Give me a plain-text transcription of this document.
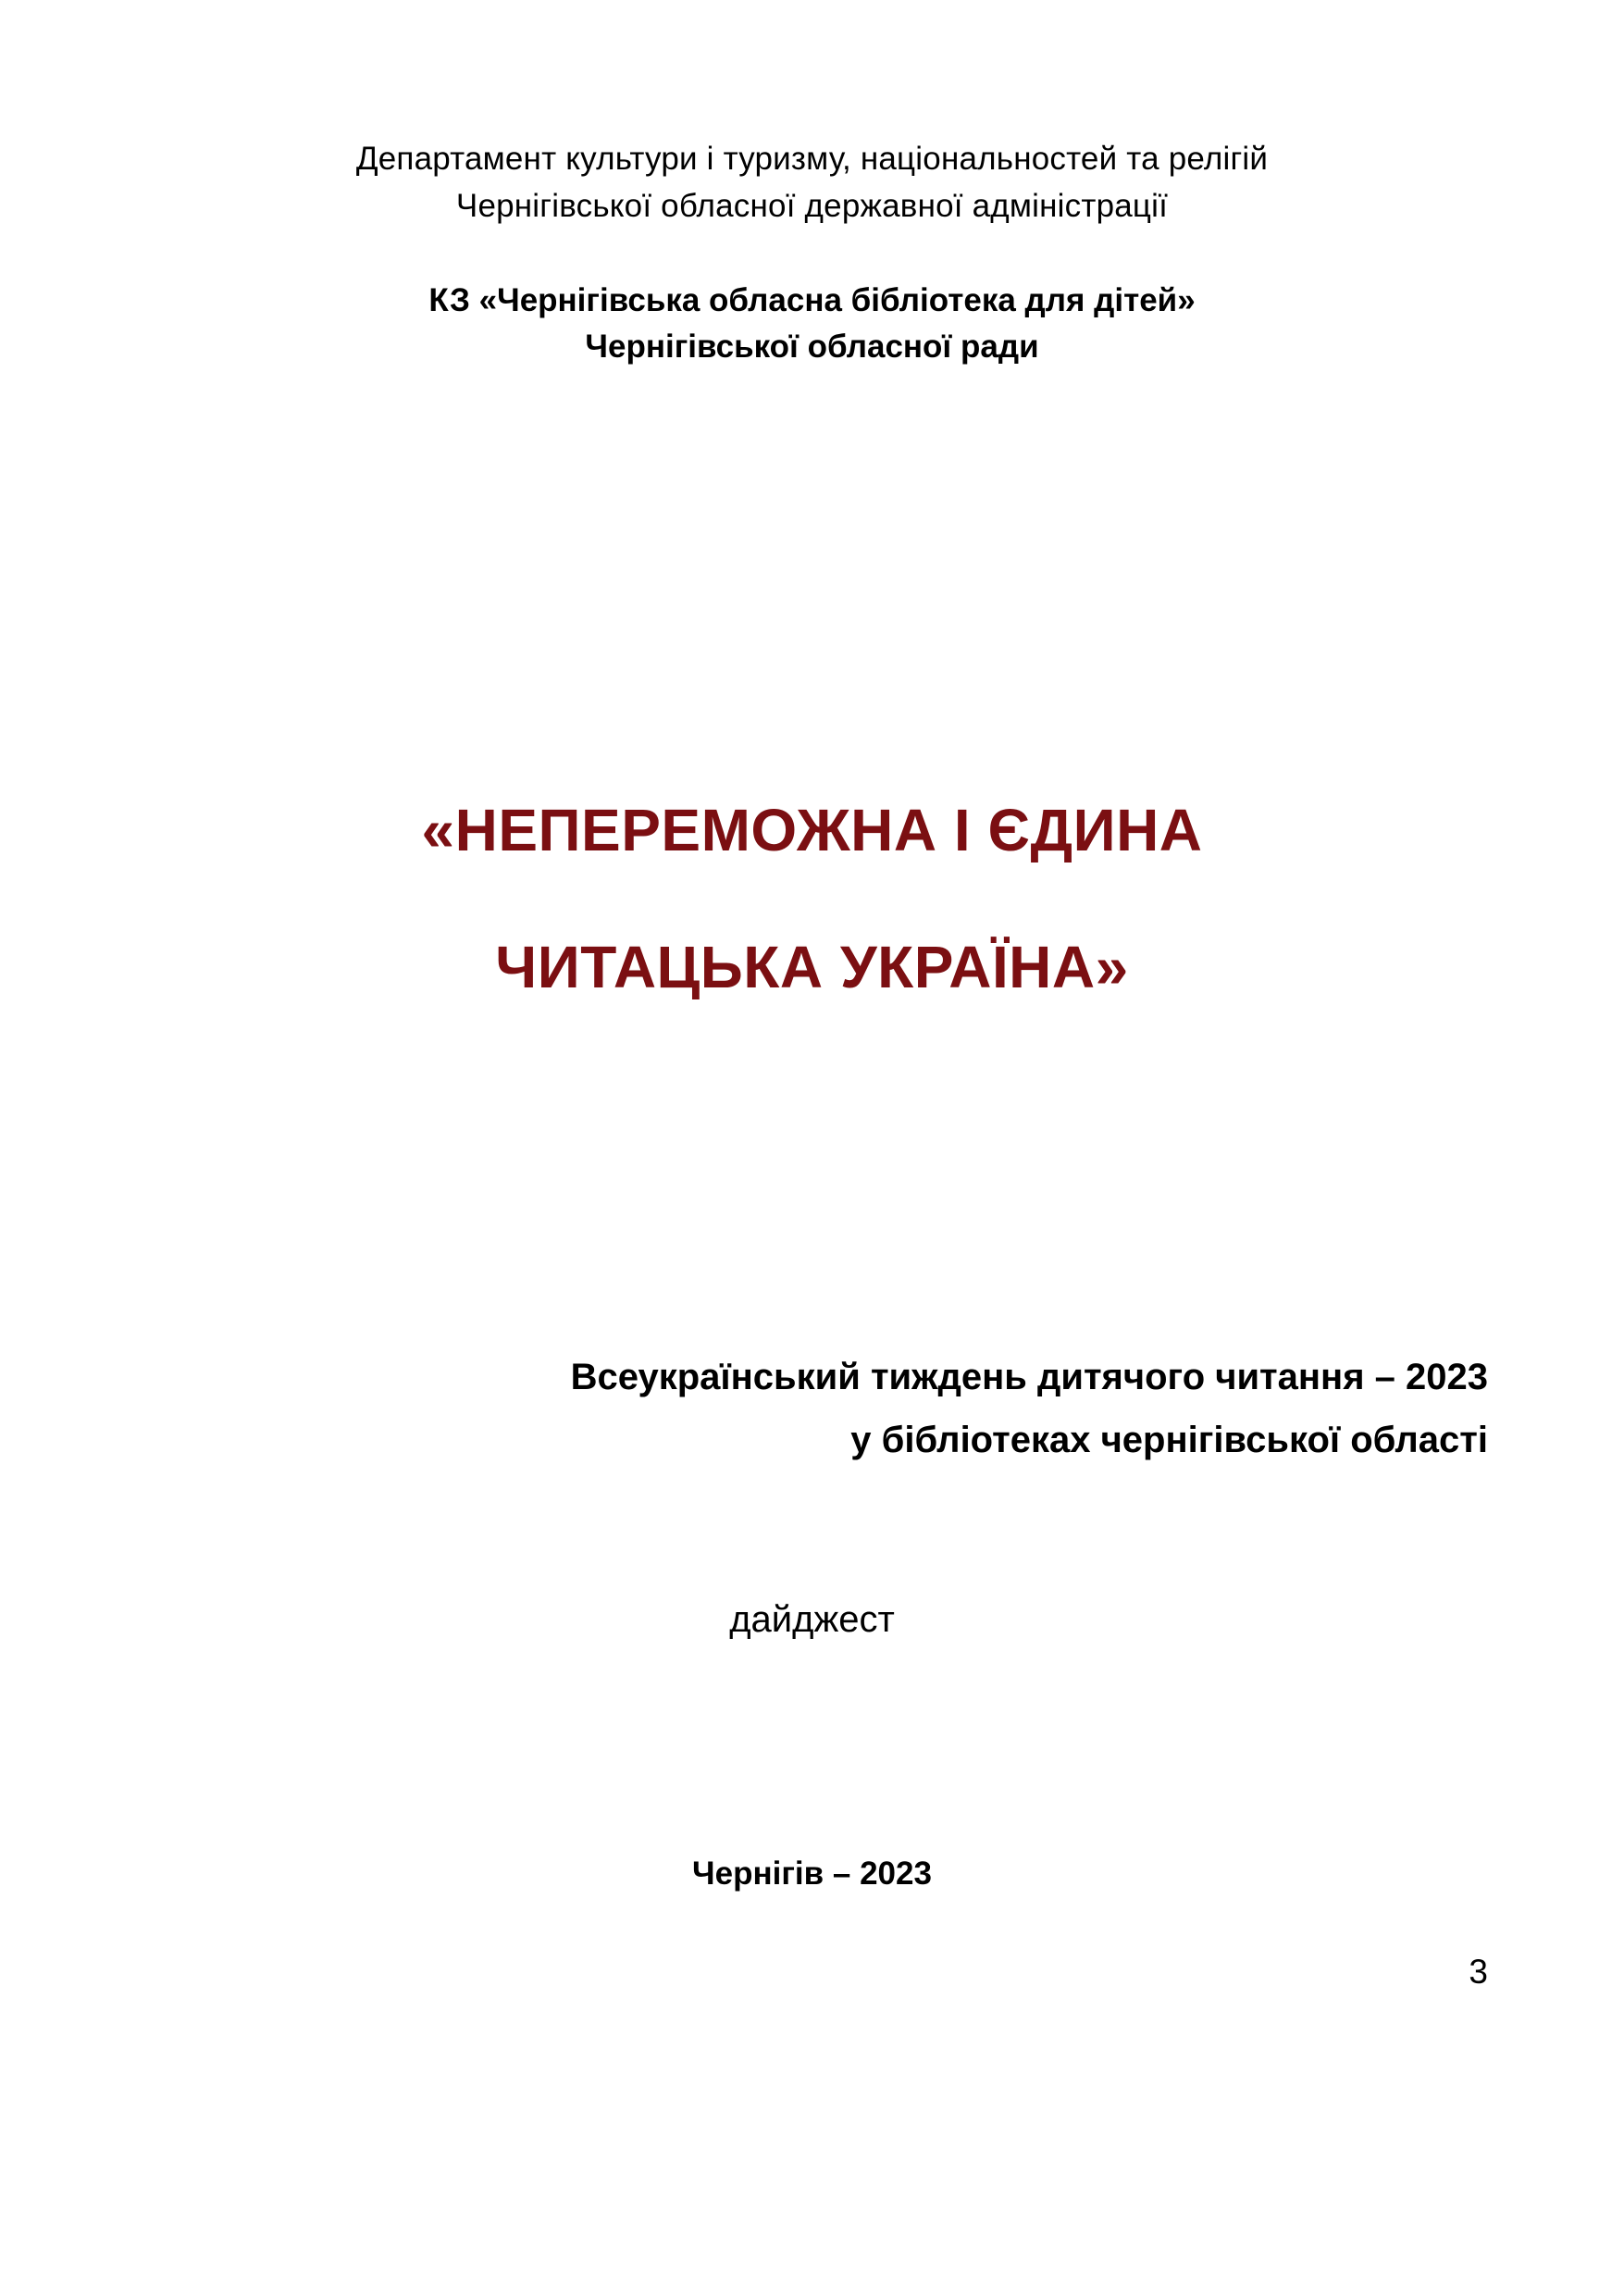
Департамент культури і туризму, національностей та релігій
Чернігівської обласної державної адміністрації
КЗ «Чернігівська обласна бібліотека для дітей»
Чернігівської обласної ради
«НЕПЕРЕМОЖНА І ЄДИНА
ЧИТАЦЬКА УКРАЇНА»
Всеукраїнський тиждень дитячого читання – 2023
у бібліотеках чернігівської області
дайджест
Чернігів – 2023
3
